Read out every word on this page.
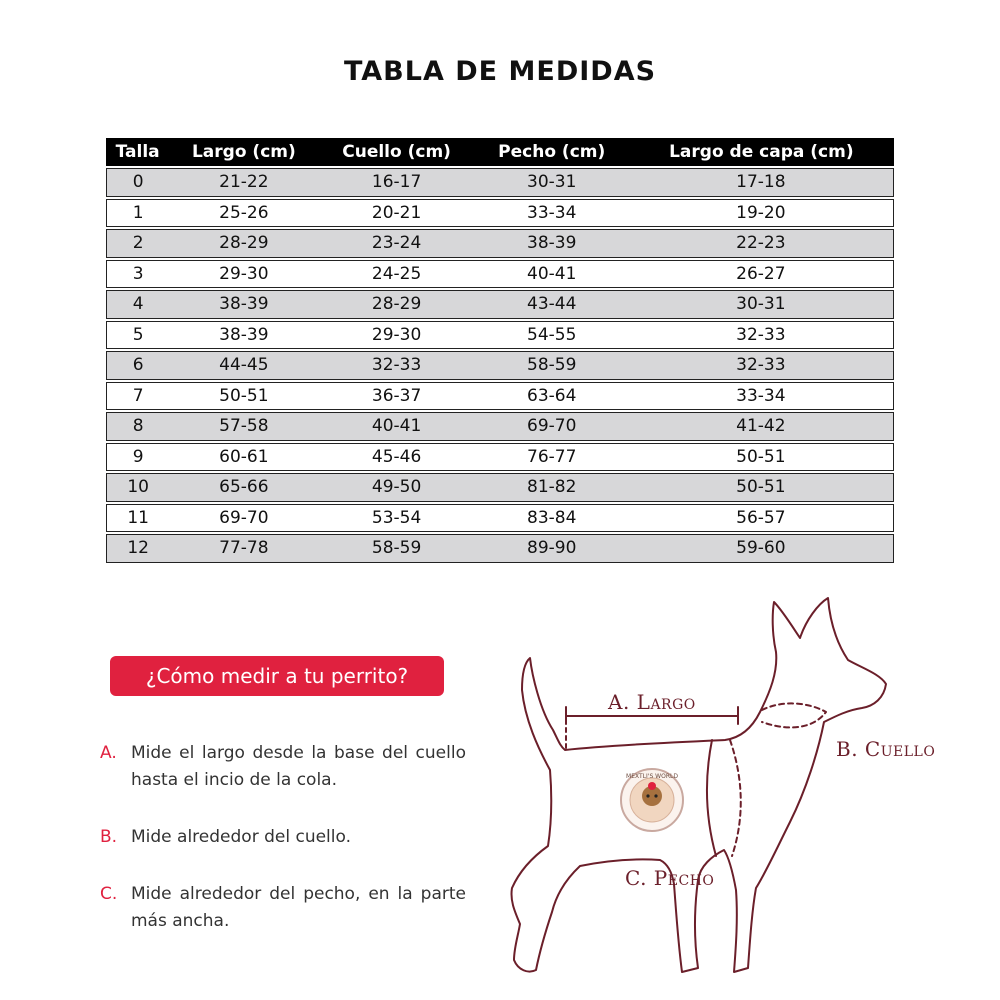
TABLA DE MEDIDAS
Talla	Largo (cm)	Cuello (cm)	Pecho (cm)	Largo de capa (cm)
0	21-22	16-17	30-31	17-18
1	25-26	20-21	33-34	19-20
2	28-29	23-24	38-39	22-23
3	29-30	24-25	40-41	26-27
4	38-39	28-29	43-44	30-31
5	38-39	29-30	54-55	32-33
6	44-45	32-33	58-59	32-33
7	50-51	36-37	63-64	33-34
8	57-58	40-41	69-70	41-42
9	60-61	45-46	76-77	50-51
10	65-66	49-50	81-82	50-51
11	69-70	53-54	83-84	56-57
12	77-78	58-59	89-90	59-60
¿Cómo medir a tu perrito?
A. Mide el largo desde la base del cuello hasta el incio de la cola.
B. Mide alrededor del cuello.
C. Mide alrededor del pecho, en la parte más ancha.
MEXTLI'S WORLD
A. Largo
B. Cuello
C. Pecho
